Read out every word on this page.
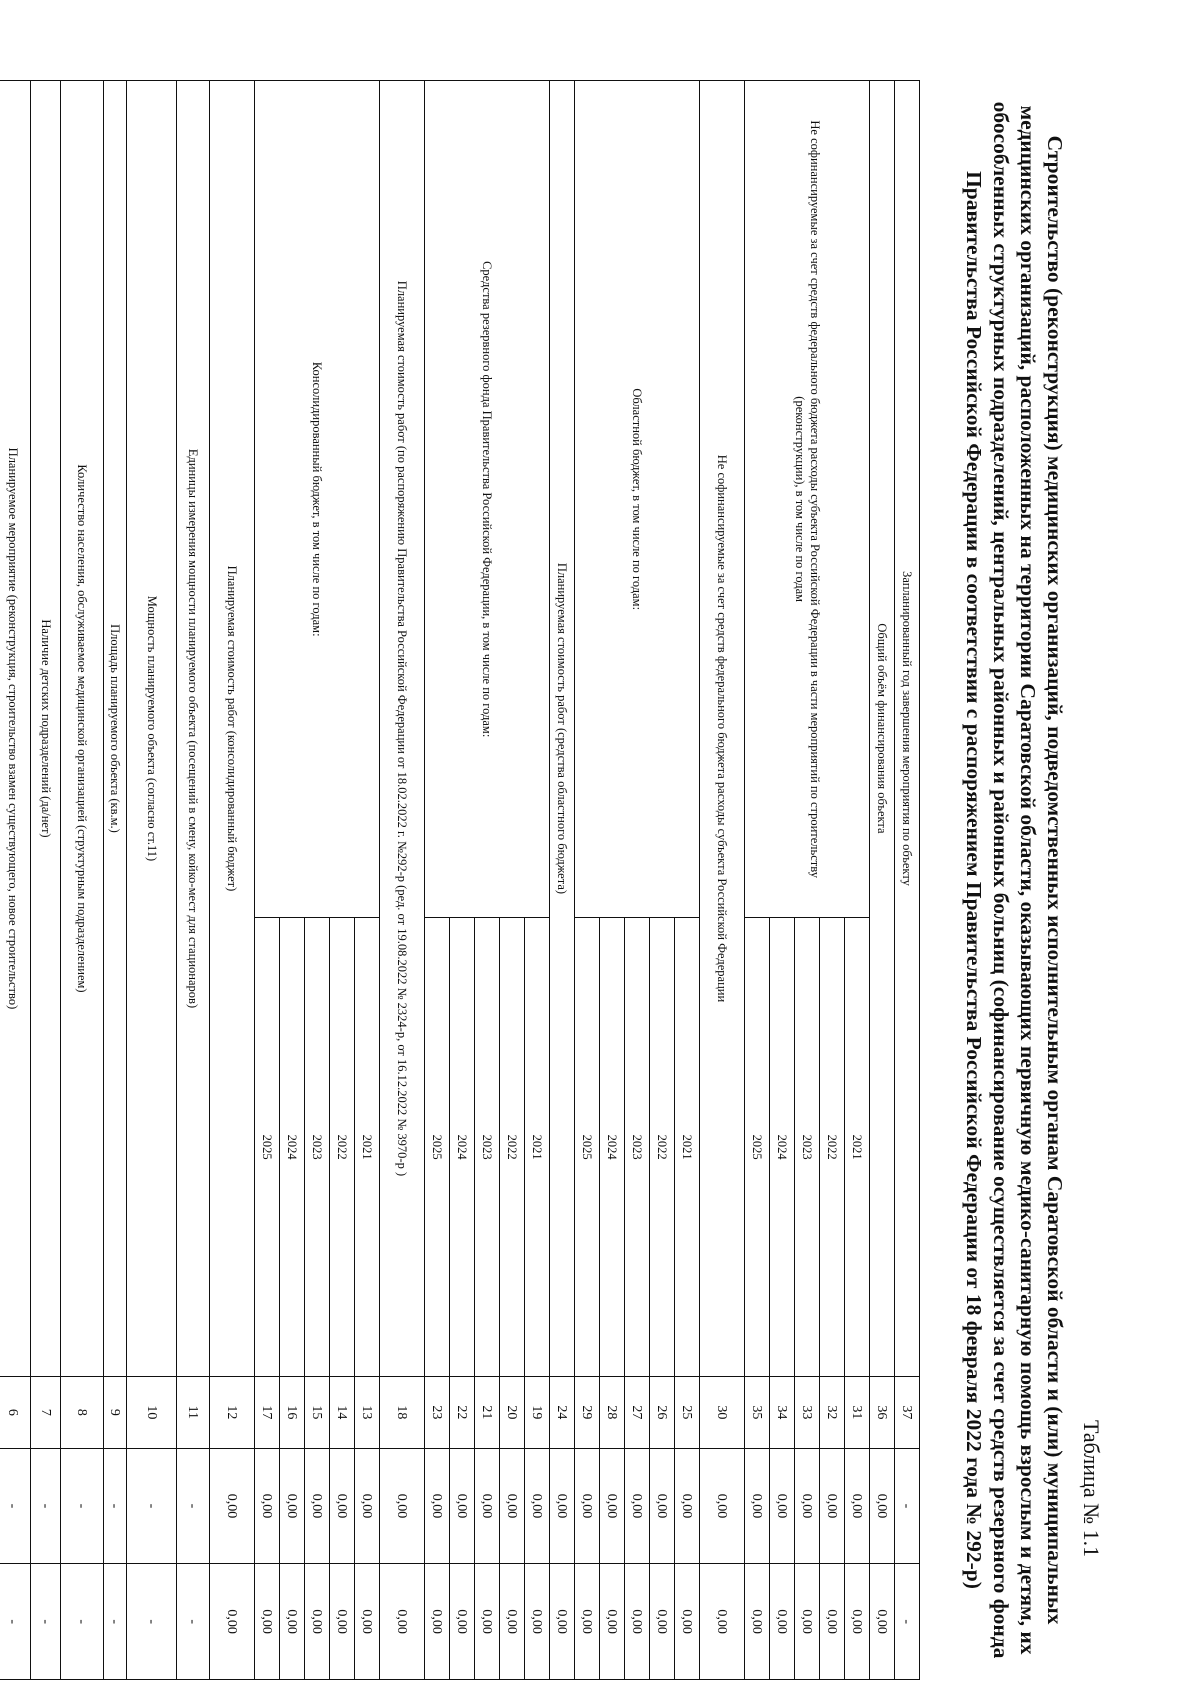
Таблица № 1.1
Строительство (реконструкция) медицинских организаций, подведомственных исполнительным органам Саратовской области и (или) муниципальных медицинских организаций, расположенных на территории Саратовской области, оказывающих первичную медико-санитарную помощь взрослым и детям, их обособленных структурных подразделений, центральных районных и районных больниц (софинансирование осуществляется за счет средств резервного фонда Правительства Российской Федерации в соответствии с распоряжением Правительства Российской Федерации от 18 февраля 2022 года № 292-р)
Запланированный год завершения мероприятия по объекту		37	-	-
Общий объём финансирования объекта		36	0,00	0,00
Не софинансируемые за счет средств федерального бюджета расходы субъекта Российской Федерации в части мероприятий по строительству (реконструкции), в том числе по годам	2021	31	0,00	0,00
	2022	32	0,00	0,00
	2023	33	0,00	0,00
	2024	34	0,00	0,00
	2025	35	0,00	0,00
Не софинансируемые за счет средств федерального бюджета расходы субъекта Российской Федерации		30	0,00	0,00
Областной бюджет, в том числе по годам:	2021	25	0,00	0,00
	2022	26	0,00	0,00
	2023	27	0,00	0,00
	2024	28	0,00	0,00
	2025	29	0,00	0,00
Планируемая стоимость работ (средства областного бюджета)		24	0,00	0,00
Средства резервного фонда Правительства Российской Федерации, в том числе по годам:	2021	19	0,00	0,00
	2022	20	0,00	0,00
	2023	21	0,00	0,00
	2024	22	0,00	0,00
	2025	23	0,00	0,00
Планируемая стоимость работ (по распоряжению Правительства Российской Федерации от 18.02.2022 г. №292-р (ред. от 19.08.2022 № 2324-р, от 16.12.2022 № 3970-р )		18	0,00	0,00
Консолидированный бюджет, в том числе по годам:	2021	13	0,00	0,00
	2022	14	0,00	0,00
	2023	15	0,00	0,00
	2024	16	0,00	0,00
	2025	17	0,00	0,00
Планируемая стоимость работ (консолидированный бюджет)		12	0,00	0,00
Единицы измерения мощности планируемого объекта (посещений в смену, койко-мест для стационаров)		11	-	-
Мощность планируемого объекта (согласно ст.11)		10	-	-
Площадь планируемого объекта (кв.м.)		9	-	-
Количество населения, обслуживаемое медицинской организацией (структурным подразделением)		8	-	-
Наличие детских подразделений (да/нет)		7	-	-
Планируемое мероприятие (реконструкция, строительство взамен существующего, новое строительство)		6	-	-
